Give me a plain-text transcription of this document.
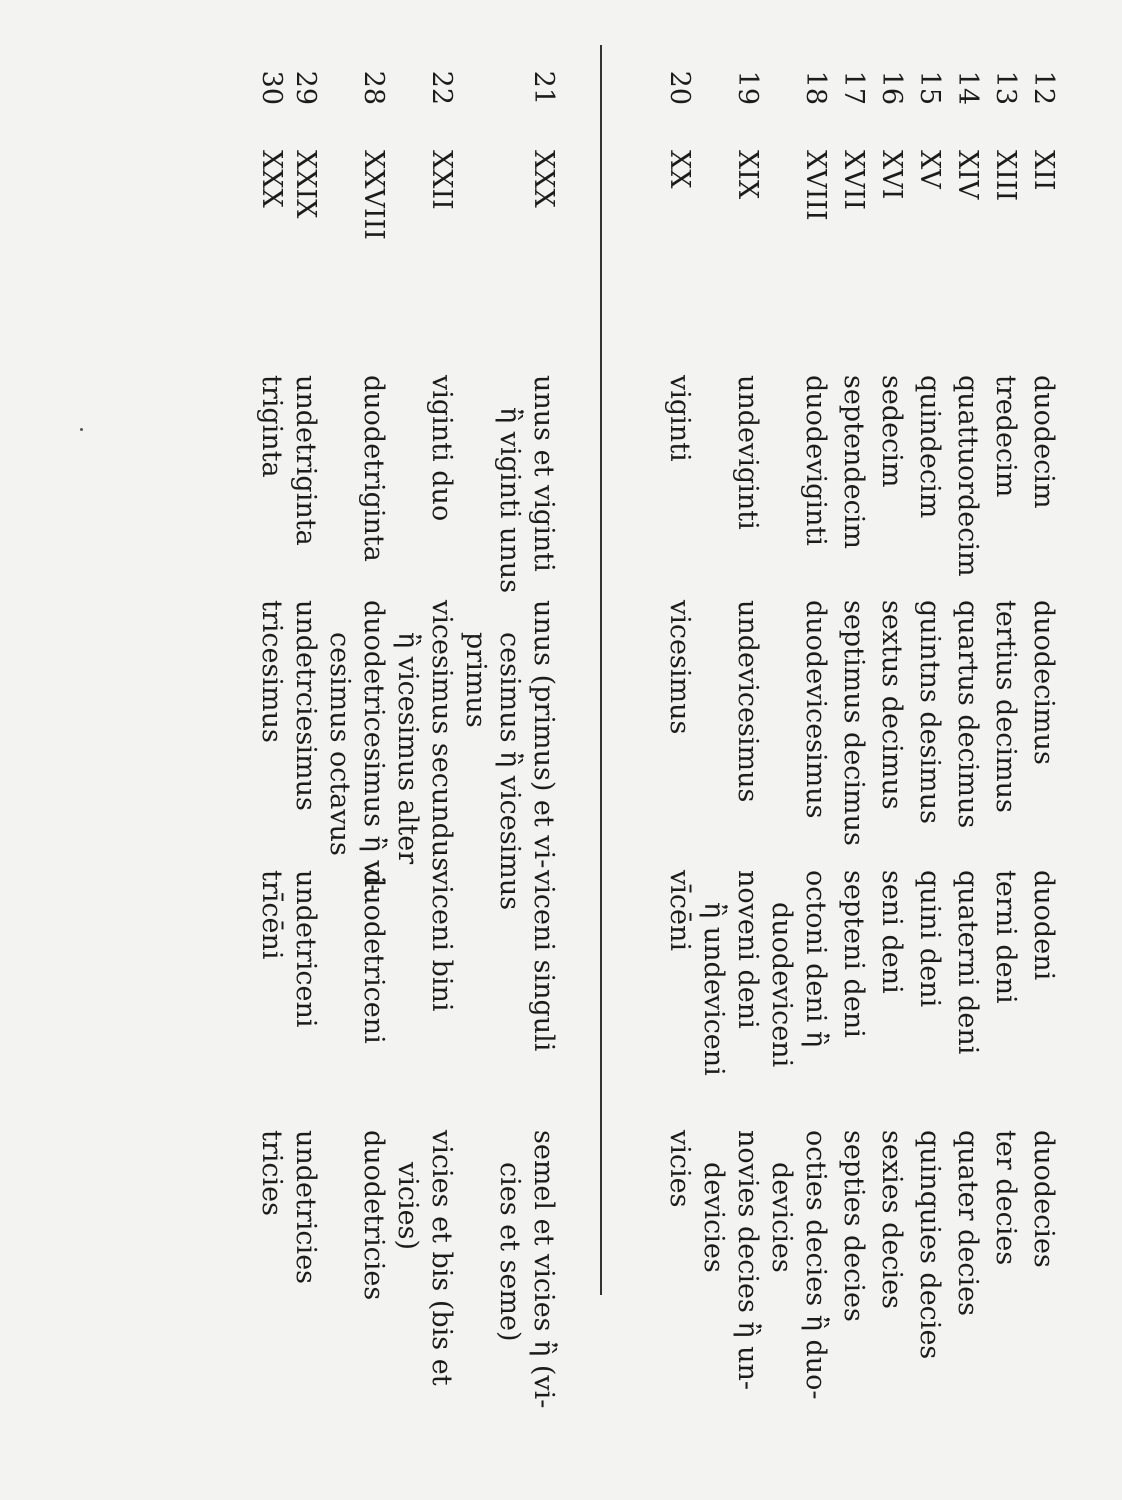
12
XII
duodecim
duodecimus
duodeni
duodecies
13
XIII
tredecim
tertius decimus
terni deni
ter decies
14
XIV
quattuordecim
quartus decimus
quaterni deni
quater decies
15
XV
quindecim
guintns desimus
quini deni
quinquies decies
16
XVI
sedecim
sextus decimus
seni deni
sexies decies
17
XVII
septendecim
septimus decimus
septeni deni
septies decies
18
XVIII
duodeviginti
duodevicesimus
octoni deni ἢ
duodeviceni
octies decies ἢ duo-
devicies
19
XIX
undeviginti
undevicesimus
noveni deni
ἢ undeviceni
novies decies ἢ un-
devicies
20
XX
viginti
vicesimus
vīcēni
vicies
21
XXX
unus et viginti
ἢ viginti unus
unus (primus) et vi-
cesimus ἢ vicesimus
primus
viceni singuli
semel et vicies ἢ (vi-
cies et seme)
22
XXII
viginti duo
vicesimus secundus
ἢ vicesimus alter
viceni bini
vicies et bis (bis et
vicies)
28
XXVIII
duodetriginta
duodetricesimus ἢ vi-
cesimus octavus
duodetriceni
duodetricies
29
XXIX
undetriginta
undetrciesimus
undetriceni
undetricies
30
XXX
triginta
tricesimus
trīcēni
tricies
